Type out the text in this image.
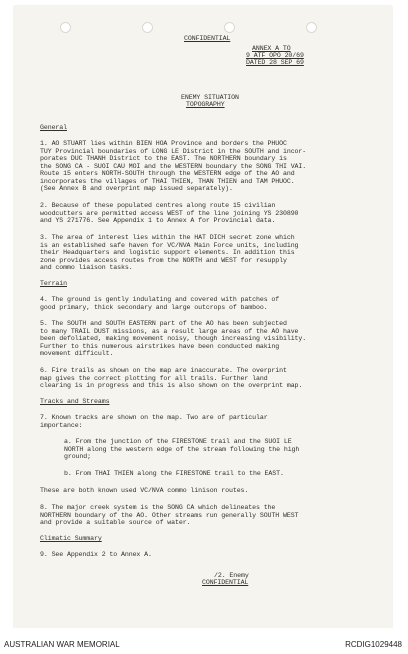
CONFIDENTIAL
ANNEX A TO
9 ATF OPO 20/69
DATED 28 SEP 69
ENEMY SITUATION
TOPOGRAPHY
General
1. AO STUART lies within BIEN HOA Province and borders the PHUOC
TUY Provincial boundaries of LONG LE District in the SOUTH and incor-
porates DUC THANH District to the EAST. The NORTHERN boundary is
the SONG CA - SUOI CAU MOI and the WESTERN boundary the SONG THI VAI.
Route 15 enters NORTH-SOUTH through the WESTERN edge of the AO and
incorporates the villages of THAI THIEN, THAN THIEN and TAM PHUOC.
(See Annex B and overprint map issued separately).
2. Because of these populated centres along route 15 civilian
woodcutters are permitted access WEST of the line joining YS 230890
and YS 271776. See Appendix 1 to Annex A for Provincial data.
3. The area of interest lies within the HAT DICH secret zone which
is an established safe haven for VC/NVA Main Force units, including
their Headquarters and logistic support elements. In addition this
zone provides access routes from the NORTH and WEST for resupply
and commo liaison tasks.
Terrain
4. The ground is gently indulating and covered with patches of
good primary, thick secondary and large outcrops of bamboo.
5. The SOUTH and SOUTH EASTERN part of the AO has been subjected
to many TRAIL DUST missions, as a result large areas of the AO have
been defoliated, making movement noisy, though increasing visibility.
Further to this numerous airstrikes have been conducted making
movement difficult.
6. Fire trails as shown on the map are inaccurate. The overprint
map gives the correct plotting for all trails. Further land
clearing is in progress and this is also shown on the overprint map.
Tracks and Streams
7. Known tracks are shown on the map. Two are of particular
importance:
a. From the junction of the FIRESTONE trail and the SUOI LE
NORTH along the western edge of the stream following the high
ground;
b. From THAI THIEN along the FIRESTONE trail to the EAST.
These are both known used VC/NVA commo linison routes.
8. The major creek system is the SONG CA which delineates the
NORTHERN boundary of the AO. Other streams run generally SOUTH WEST
and provide a suitable source of water.
Climatic Summary
9. See Appendix 2 to Annex A.
/2. Enemy
CONFIDENTIAL
AUSTRALIAN WAR MEMORIAL	RCDIG1029448
